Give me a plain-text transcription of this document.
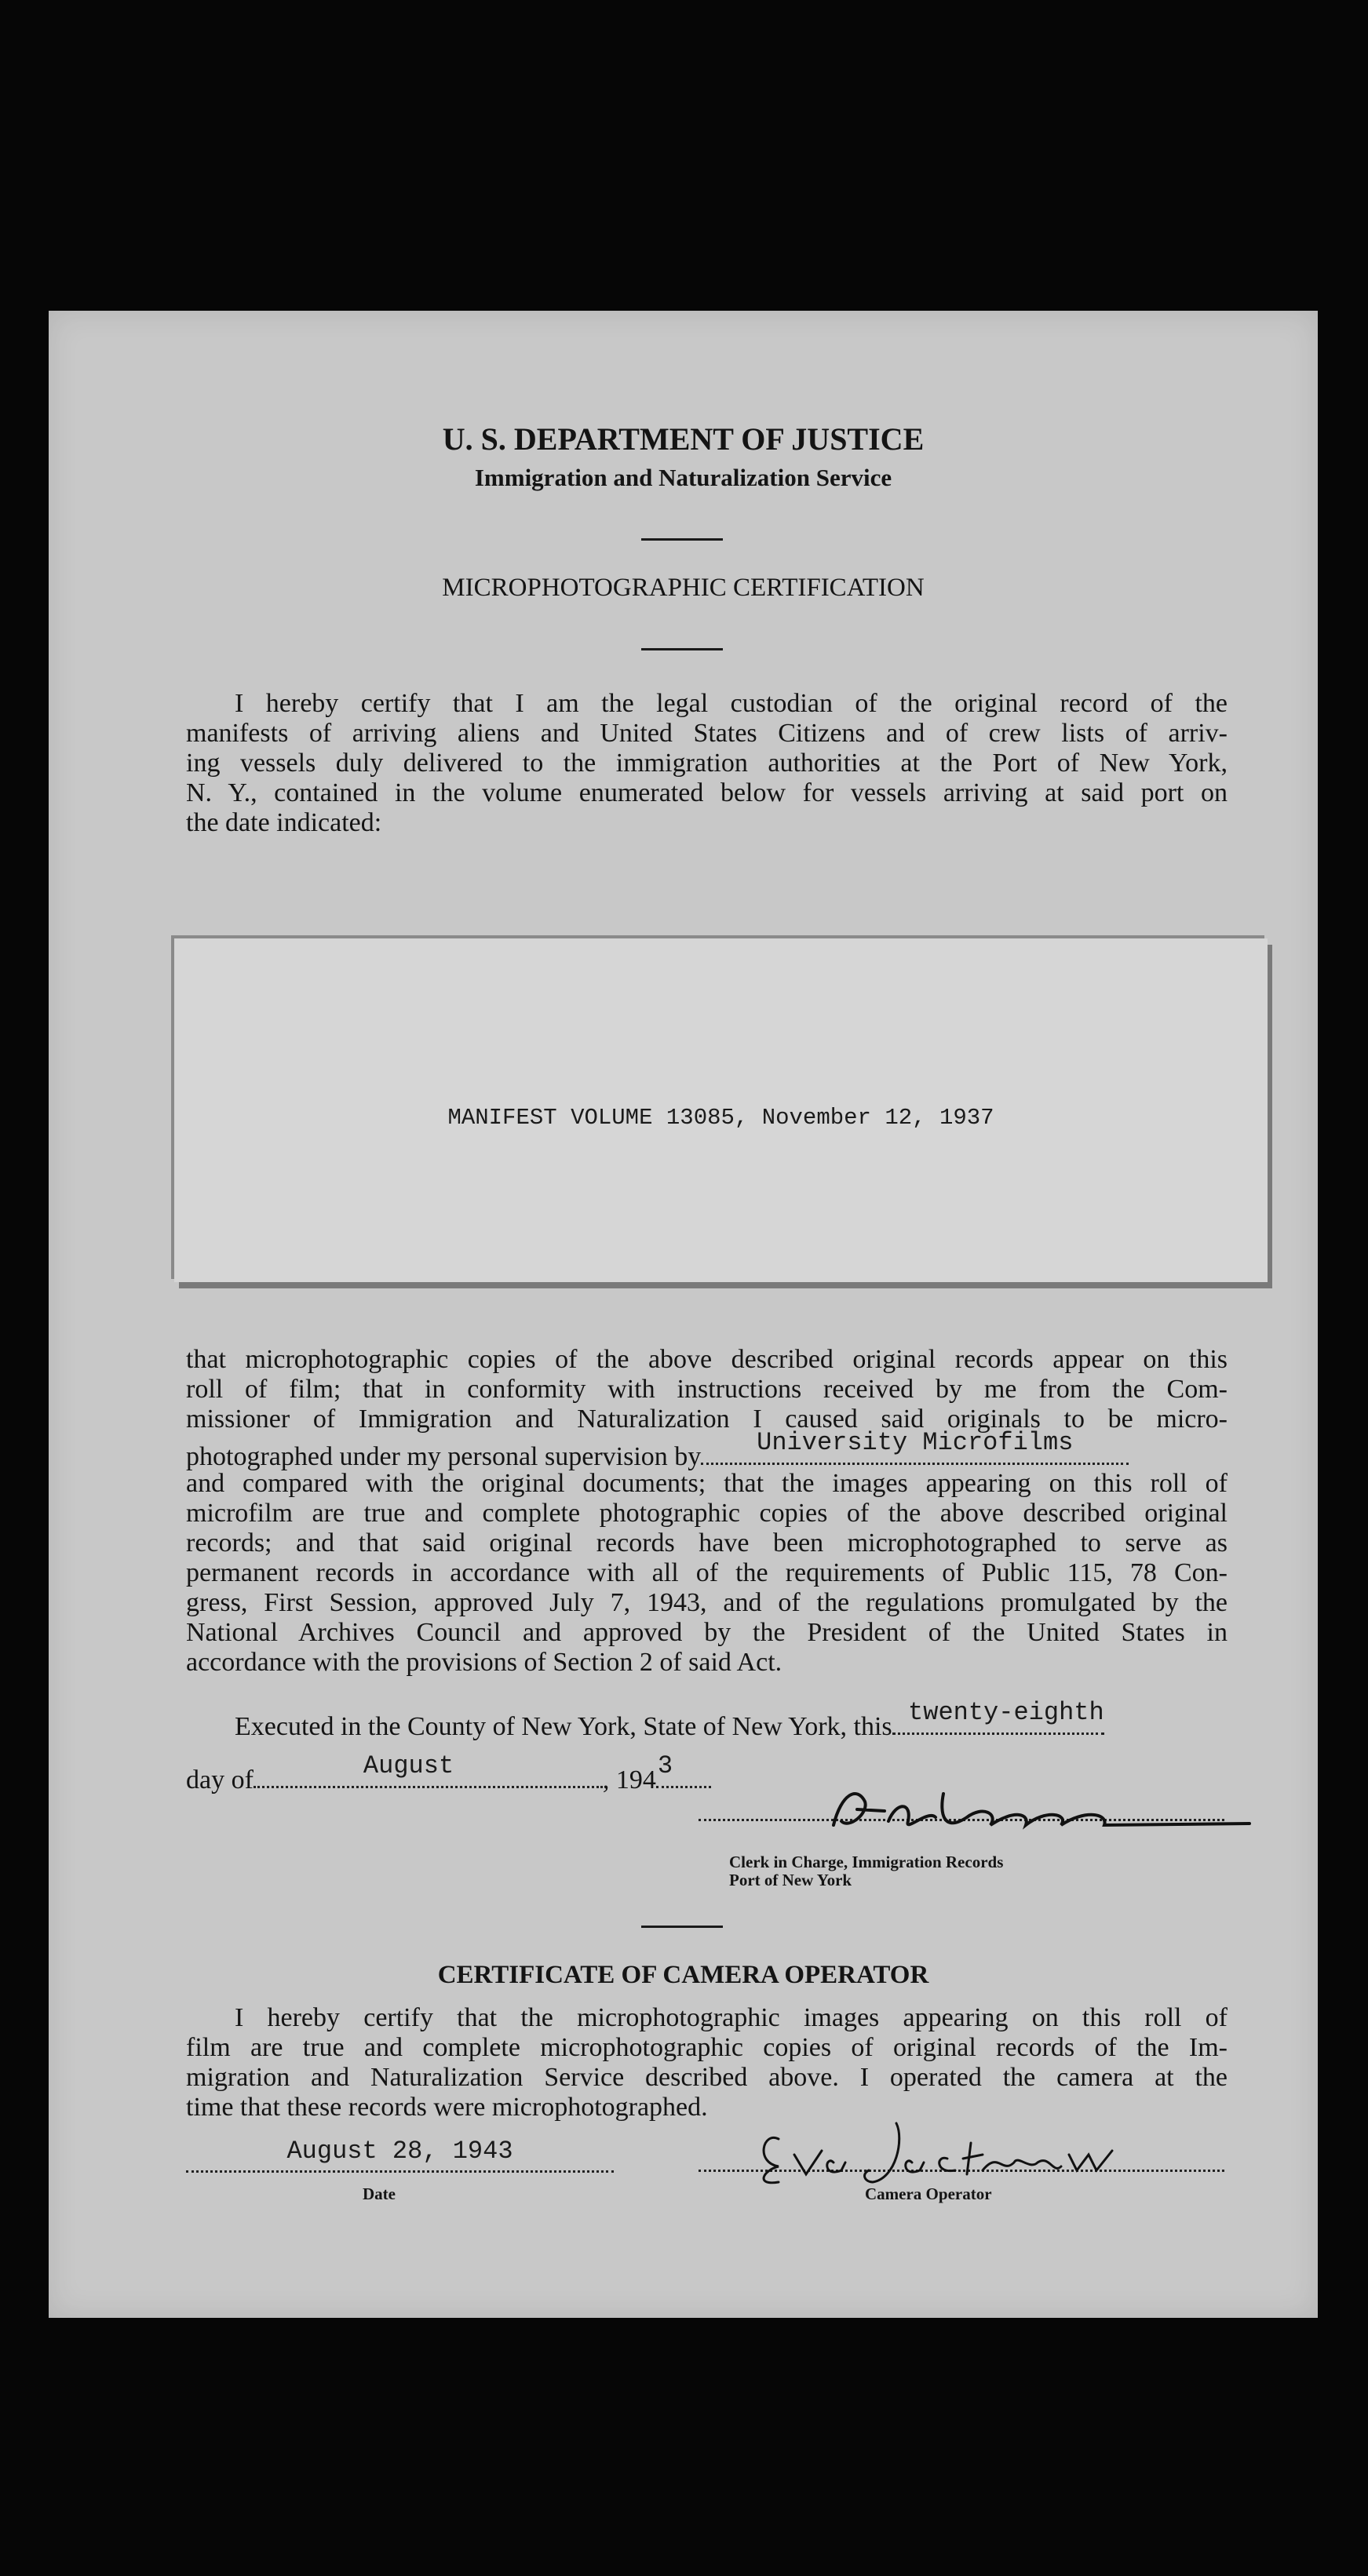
U. S. DEPARTMENT OF JUSTICE
Immigration and Naturalization Service
MICROPHOTOGRAPHIC CERTIFICATION
I hereby certify that I am the legal custodian of the original record of the
manifests of arriving aliens and United States Citizens and of crew lists of arriv-
ing vessels duly delivered to the immigration authorities at the Port of New York,
N. Y., contained in the volume enumerated below for vessels arriving at said port on
the date indicated:
MANIFEST VOLUME 13085, November 12, 1937
that microphotographic copies of the above described original records appear on this
roll of film; that in conformity with instructions received by me from the Com-
missioner of Immigration and Naturalization I caused said originals to be micro-
photographed under my personal supervision by	University Microfilms
and compared with the original documents; that the images appearing on this roll of
microfilm are true and complete photographic copies of the above described original
records; and that said original records have been microphotographed to serve as
permanent records in accordance with all of the requirements of Public 115, 78 Con-
gress, First Session, approved July 7, 1943, and of the regulations promulgated by the
National Archives Council and approved by the President of the United States in
accordance with the provisions of Section 2 of said Act.
Executed in the County of New York, State of New York, this twenty-eighth
day of	August	, 194 3
Clerk in Charge, Immigration Records
Port of New York
CERTIFICATE OF CAMERA OPERATOR
I hereby certify that the microphotographic images appearing on this roll of
film are true and complete microphotographic copies of original records of the Im-
migration and Naturalization Service described above. I operated the camera at the
time that these records were microphotographed.
August 28, 1943
Date	Camera Operator
